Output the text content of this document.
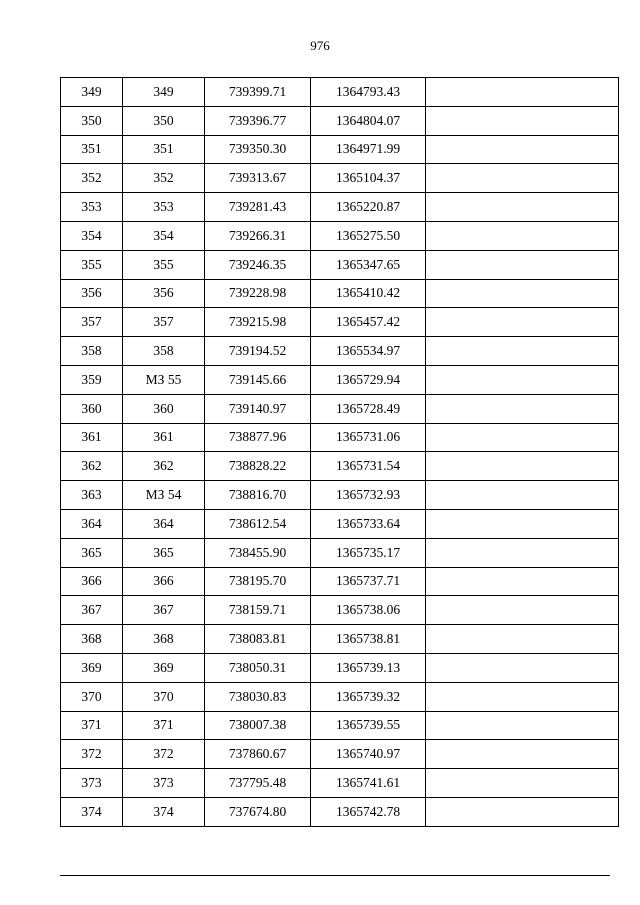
976
349	349	739399.71	1364793.43	
350	350	739396.77	1364804.07	
351	351	739350.30	1364971.99	
352	352	739313.67	1365104.37	
353	353	739281.43	1365220.87	
354	354	739266.31	1365275.50	
355	355	739246.35	1365347.65	
356	356	739228.98	1365410.42	
357	357	739215.98	1365457.42	
358	358	739194.52	1365534.97	
359	МЗ 55	739145.66	1365729.94	
360	360	739140.97	1365728.49	
361	361	738877.96	1365731.06	
362	362	738828.22	1365731.54	
363	МЗ 54	738816.70	1365732.93	
364	364	738612.54	1365733.64	
365	365	738455.90	1365735.17	
366	366	738195.70	1365737.71	
367	367	738159.71	1365738.06	
368	368	738083.81	1365738.81	
369	369	738050.31	1365739.13	
370	370	738030.83	1365739.32	
371	371	738007.38	1365739.55	
372	372	737860.67	1365740.97	
373	373	737795.48	1365741.61	
374	374	737674.80	1365742.78	
